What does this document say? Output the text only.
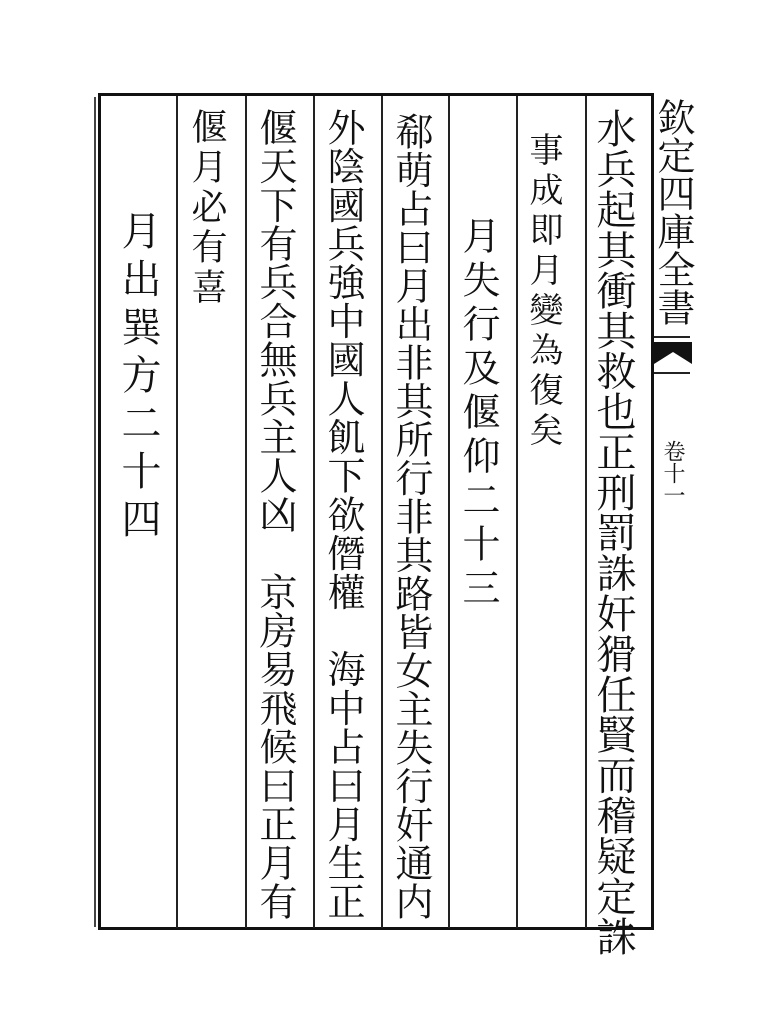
欽定四庫全書
卷十一
水兵起其衝其救也正刑罰誅奸猾任賢而稽疑定誅
事成即月變為復矣
月失行及偃仰二十三
郗萌占曰月出非其所行非其路皆女主失行奸通内
外陰國兵強中國人飢下欲僭權　海中占曰月生正
偃天下有兵合無兵主人凶　京房易飛候曰正月有
偃月必有喜
月出巽方二十四
